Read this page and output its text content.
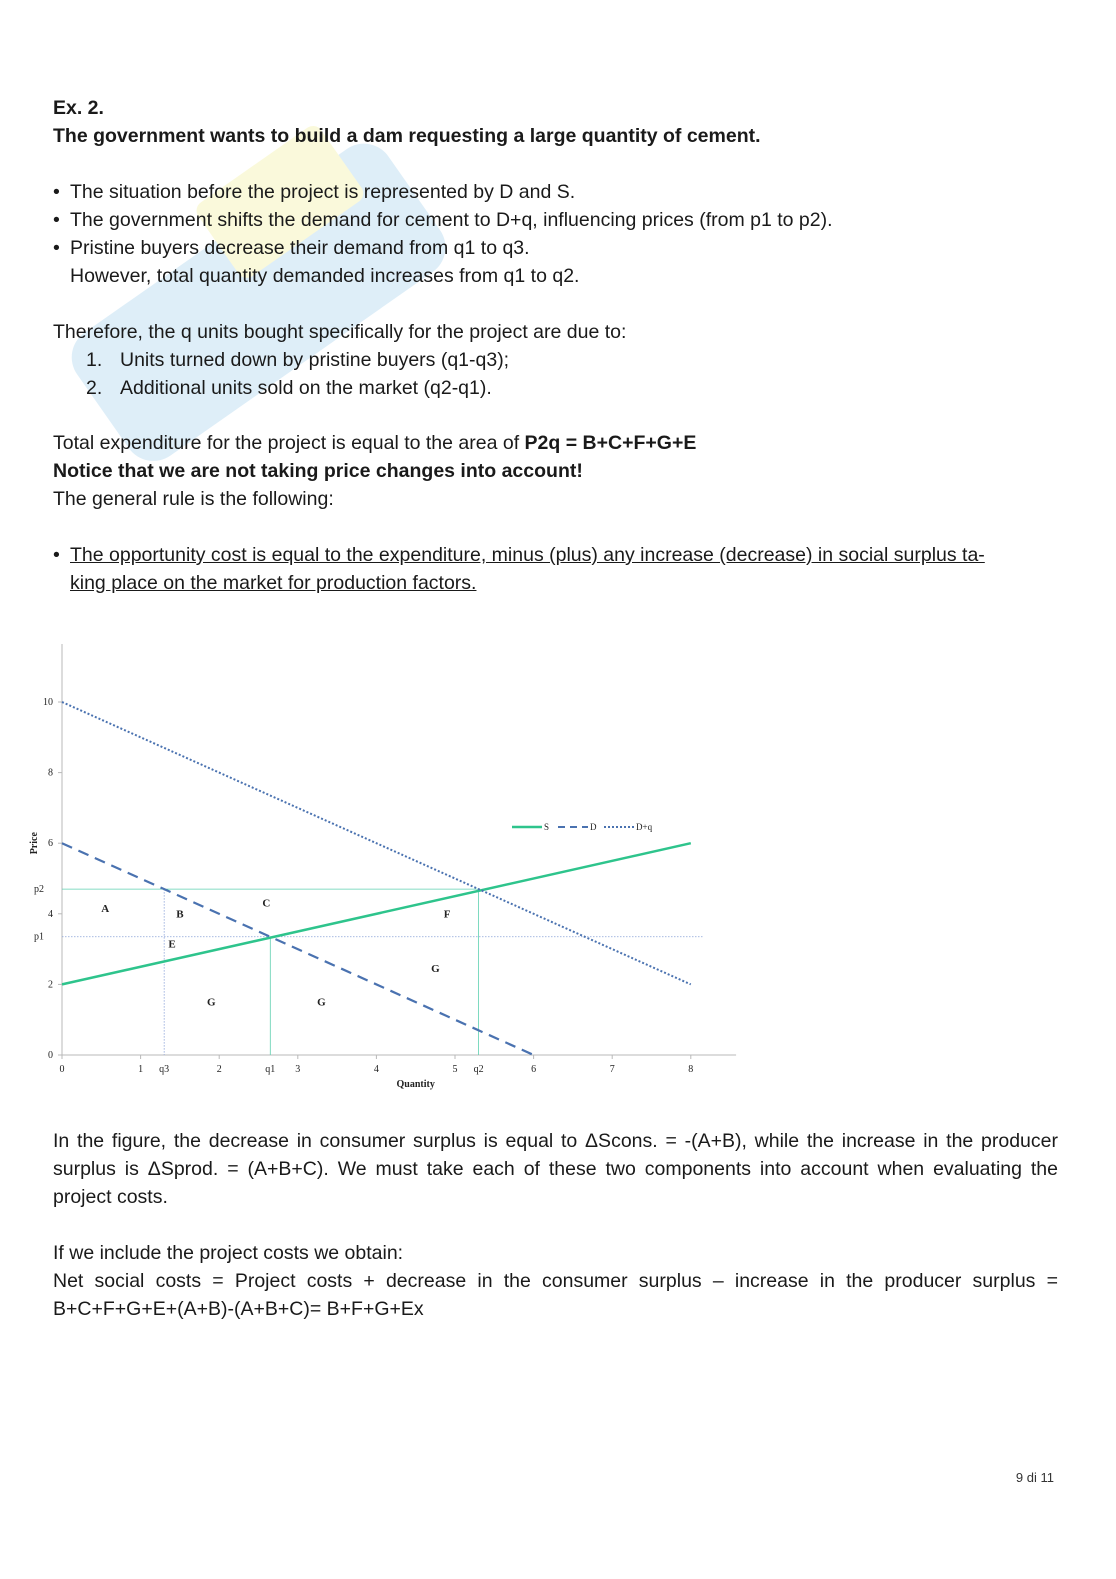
Ex. 2.

The government wants to build a dam requesting a large quantity of cement.

• The situation before the project is represented by D and S.

• The government shifts the demand for cement to D+q, influencing prices (from p1 to p2).

• Pristine buyers decrease their demand from q1 to q3.

However, total quantity demanded increases from q1 to q2.

Therefore, the q units bought specifically for the project are due to:

1. Units turned down by pristine buyers (q1-q3);

2. Additional units sold on the market (q2-q1).

Total expenditure for the project is equal to the area of P2q = B+C+F+G+E

Notice that we are not taking price changes into account!

The general rule is the following:

• The opportunity cost is equal to the expenditure, minus (plus) any increase (decrease) in social surplus ta-

king place on the market for production factors.

0	1	2	3	4	5	6	7	8
0
2
4
6
8
10
q3	q1	q2
p2
p1
A	B
C
E
F
G
G	G
Quantity
Price
S	D	D+q
In the figure, the decrease in consumer surplus is equal to ΔScons. = -(A+B), while the increase in the producer surplus is ΔSprod. = (A+B+C). We must take each of these two components into account when evaluating the project costs.

If we include the project costs we obtain:

Net social costs = Project costs + decrease in the consumer surplus – increase in the producer surplus = B+C+F+G+E+(A+B)-(A+B+C)= B+F+G+Ex

9 di 11
